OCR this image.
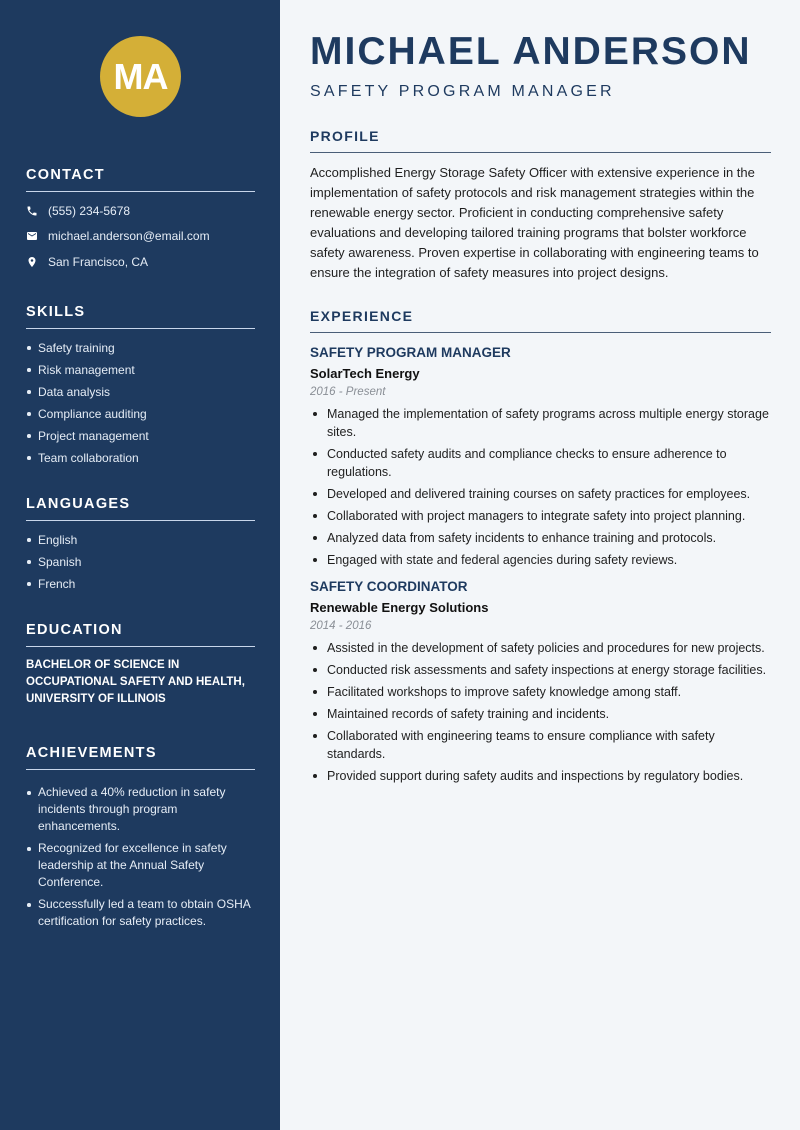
MA
CONTACT
(555) 234-5678
michael.anderson@email.com
San Francisco, CA
SKILLS
Safety training
Risk management
Data analysis
Compliance auditing
Project management
Team collaboration
LANGUAGES
English
Spanish
French
EDUCATION

BACHELOR OF SCIENCE IN OCCUPATIONAL SAFETY AND HEALTH, UNIVERSITY OF ILLINOIS

ACHIEVEMENTS
Achieved a 40% reduction in safety incidents through program enhancements.
Recognized for excellence in safety leadership at the Annual Safety Conference.
Successfully led a team to obtain OSHA certification for safety practices.
MICHAEL ANDERSON
SAFETY PROGRAM MANAGER
PROFILE

Accomplished Energy Storage Safety Officer with extensive experience in the implementation of safety protocols and risk management strategies within the renewable energy sector. Proficient in conducting comprehensive safety evaluations and developing tailored training programs that bolster workforce safety awareness. Proven expertise in collaborating with engineering teams to ensure the integration of safety measures into project designs.

EXPERIENCE
SAFETY PROGRAM MANAGER
SolarTech Energy
2016 - Present
Managed the implementation of safety programs across multiple energy storage sites.
Conducted safety audits and compliance checks to ensure adherence to regulations.
Developed and delivered training courses on safety practices for employees.
Collaborated with project managers to integrate safety into project planning.
Analyzed data from safety incidents to enhance training and protocols.
Engaged with state and federal agencies during safety reviews.
SAFETY COORDINATOR
Renewable Energy Solutions
2014 - 2016
Assisted in the development of safety policies and procedures for new projects.
Conducted risk assessments and safety inspections at energy storage facilities.
Facilitated workshops to improve safety knowledge among staff.
Maintained records of safety training and incidents.
Collaborated with engineering teams to ensure compliance with safety standards.
Provided support during safety audits and inspections by regulatory bodies.
